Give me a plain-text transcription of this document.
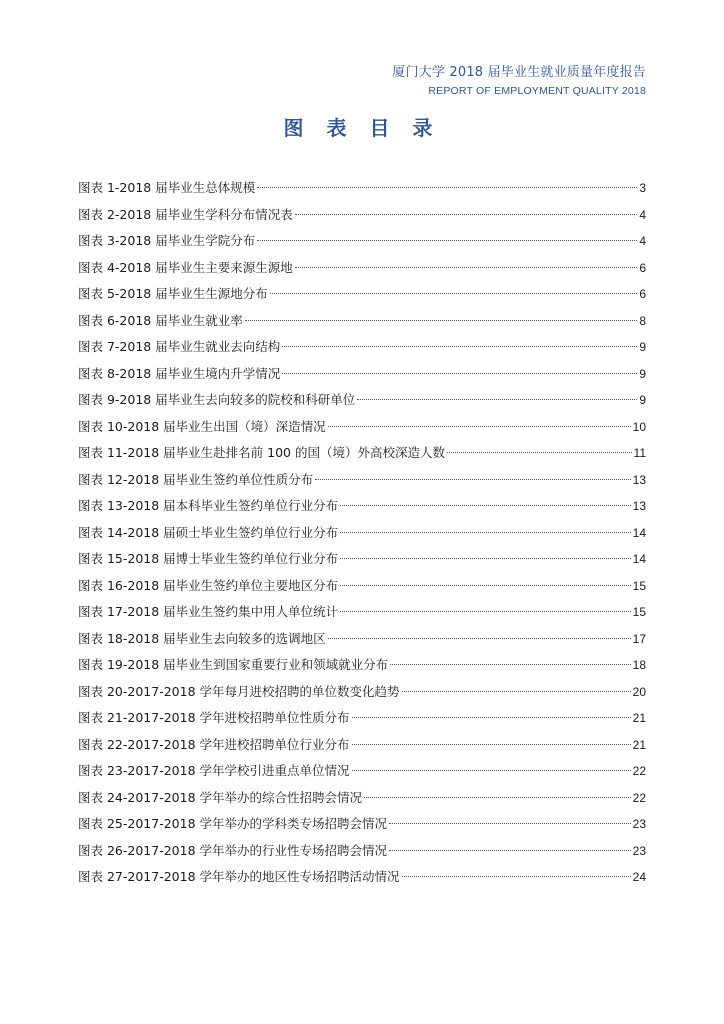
厦门大学 2018 届毕业生就业质量年度报告
REPORT OF EMPLOYMENT QUALITY 2018
图 表 目 录
图表 1-2018 届毕业生总体规模	3
图表 2-2018 届毕业生学科分布情况表	4
图表 3-2018 届毕业生学院分布	4
图表 4-2018 届毕业生主要来源生源地	6
图表 5-2018 届毕业生生源地分布	6
图表 6-2018 届毕业生就业率	8
图表 7-2018 届毕业生就业去向结构	9
图表 8-2018 届毕业生境内升学情况	9
图表 9-2018 届毕业生去向较多的院校和科研单位	9
图表 10-2018 届毕业生出国（境）深造情况	10
图表 11-2018 届毕业生赴排名前 100 的国（境）外高校深造人数	11
图表 12-2018 届毕业生签约单位性质分布	13
图表 13-2018 届本科毕业生签约单位行业分布	13
图表 14-2018 届硕士毕业生签约单位行业分布	14
图表 15-2018 届博士毕业生签约单位行业分布	14
图表 16-2018 届毕业生签约单位主要地区分布	15
图表 17-2018 届毕业生签约集中用人单位统计	15
图表 18-2018 届毕业生去向较多的选调地区	17
图表 19-2018 届毕业生到国家重要行业和领域就业分布	18
图表 20-2017-2018 学年每月进校招聘的单位数变化趋势	20
图表 21-2017-2018 学年进校招聘单位性质分布	21
图表 22-2017-2018 学年进校招聘单位行业分布	21
图表 23-2017-2018 学年学校引进重点单位情况	22
图表 24-2017-2018 学年举办的综合性招聘会情况	22
图表 25-2017-2018 学年举办的学科类专场招聘会情况	23
图表 26-2017-2018 学年举办的行业性专场招聘会情况	23
图表 27-2017-2018 学年举办的地区性专场招聘活动情况	24
